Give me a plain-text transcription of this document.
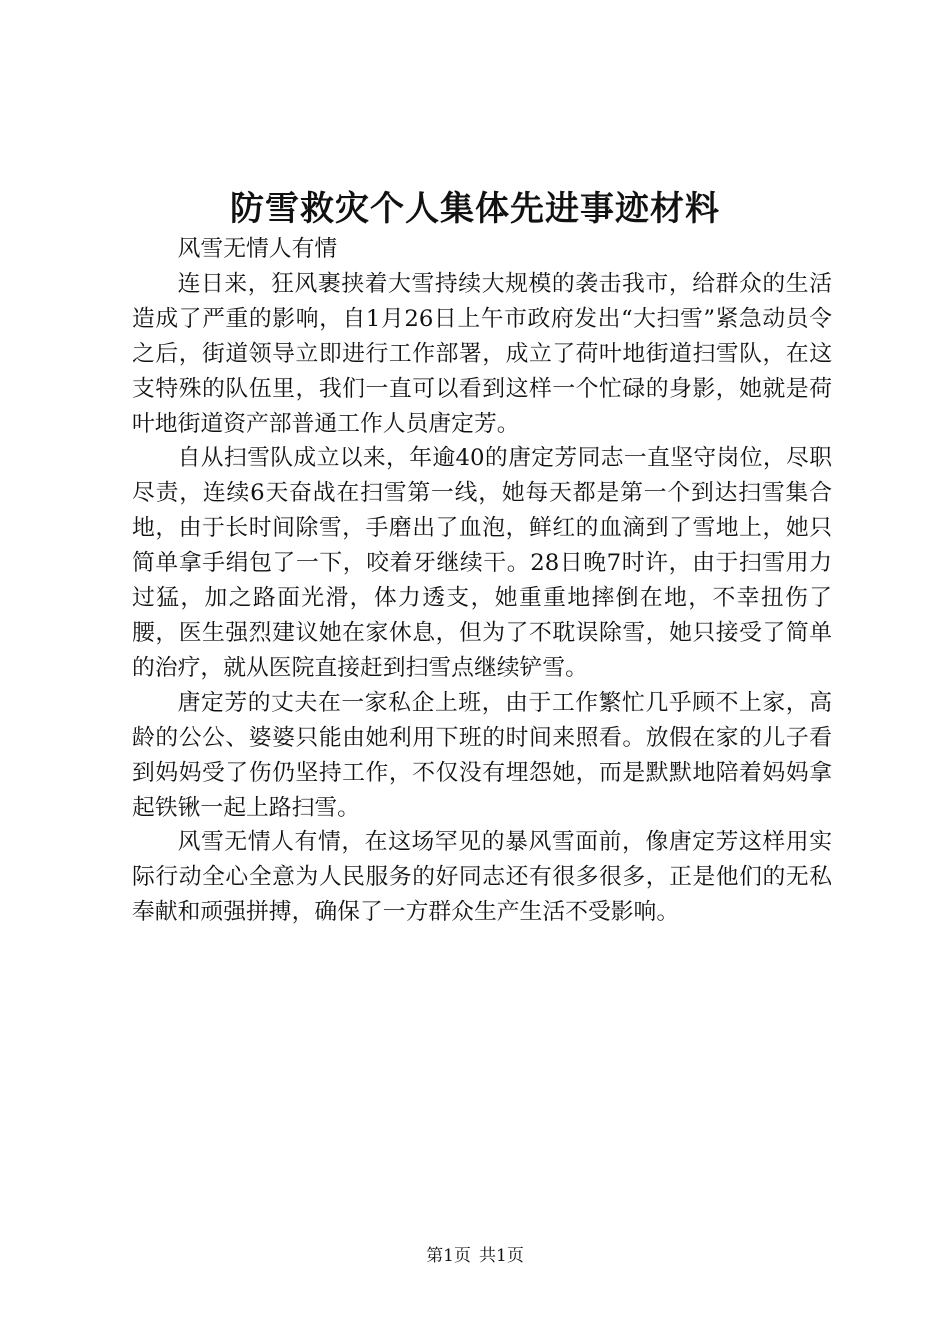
防雪救灾个人集体先进事迹材料

风雪无情人有情

连日来，狂风裹挟着大雪持续大规模的袭击我市，给群众的生活造成了严重的影响，自1月26日上午市政府发出“大扫雪”紧急动员令之后，街道领导立即进行工作部署，成立了荷叶地街道扫雪队，在这支特殊的队伍里，我们一直可以看到这样一个忙碌的身影，她就是荷叶地街道资产部普通工作人员唐定芳。

自从扫雪队成立以来，年逾40的唐定芳同志一直坚守岗位，尽职尽责，连续6天奋战在扫雪第一线，她每天都是第一个到达扫雪集合地，由于长时间除雪，手磨出了血泡，鲜红的血滴到了雪地上，她只简单拿手绢包了一下，咬着牙继续干。28日晚7时许，由于扫雪用力过猛，加之路面光滑，体力透支，她重重地摔倒在地，不幸扭伤了腰，医生强烈建议她在家休息，但为了不耽误除雪，她只接受了简单的治疗，就从医院直接赶到扫雪点继续铲雪。

唐定芳的丈夫在一家私企上班，由于工作繁忙几乎顾不上家，高龄的公公、婆婆只能由她利用下班的时间来照看。放假在家的儿子看到妈妈受了伤仍坚持工作，不仅没有埋怨她，而是默默地陪着妈妈拿起铁锹一起上路扫雪。

风雪无情人有情，在这场罕见的暴风雪面前，像唐定芳这样用实际行动全心全意为人民服务的好同志还有很多很多，正是他们的无私奉献和顽强拼搏，确保了一方群众生产生活不受影响。

第1页 共1页
